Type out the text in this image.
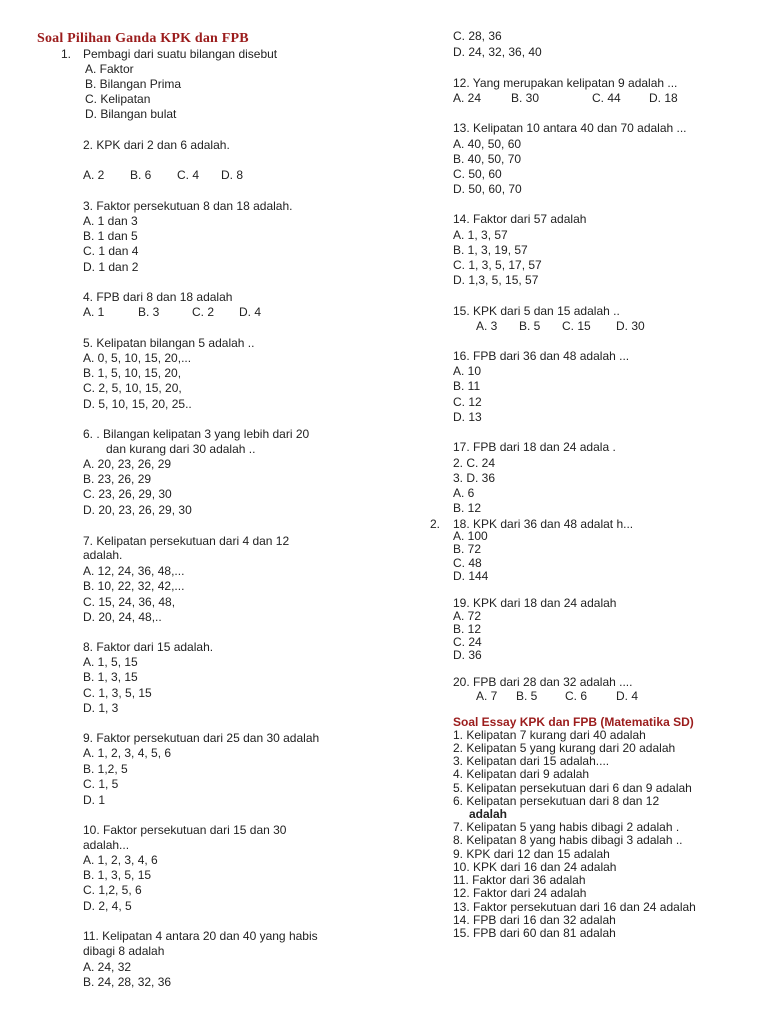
Soal Pilihan Ganda KPK dan FPB
1. Pembagi dari suatu bilangan disebut
A. Faktor
B. Bilangan Prima
C. Kelipatan
D. Bilangan bulat
2. KPK dari 2 dan 6 adalah.
A. 2 B. 6 C. 4 D. 8
3. Faktor persekutuan 8 dan 18 adalah.
A. 1 dan 3
B. 1 dan 5
C. 1 dan 4
D. 1 dan 2
4. FPB dari 8 dan 18 adalah
A. 1	B. 3	C. 2 D. 4
5. Kelipatan bilangan 5 adalah ..
A. 0, 5, 10, 15, 20,...
B. 1, 5, 10, 15, 20,
C. 2, 5, 10, 15, 20,
D. 5, 10, 15, 20, 25..
6. . Bilangan kelipatan 3 yang lebih dari 20
dan kurang dari 30 adalah ..
A. 20, 23, 26, 29
B. 23, 26, 29
C. 23, 26, 29, 30
D. 20, 23, 26, 29, 30
7. Kelipatan persekutuan dari 4 dan 12
adalah.
A. 12, 24, 36, 48,...
B. 10, 22, 32, 42,...
C. 15, 24, 36, 48,
D. 20, 24, 48,..
8. Faktor dari 15 adalah.
A. 1, 5, 15
B. 1, 3, 15
C. 1, 3, 5, 15
D. 1, 3
9. Faktor persekutuan dari 25 dan 30 adalah
A. 1, 2, 3, 4, 5, 6
B. 1,2, 5
C. 1, 5
D. 1
10. Faktor persekutuan dari 15 dan 30
adalah...
A. 1, 2, 3, 4, 6
B. 1, 3, 5, 15
C. 1,2, 5, 6
D. 2, 4, 5
11. Kelipatan 4 antara 20 dan 40 yang habis
dibagi 8 adalah
A. 24, 32
B. 24, 28, 32, 36
C. 28, 36
D. 24, 32, 36, 40
12. Yang merupakan kelipatan 9 adalah ...
A. 24 B. 30	C. 44 D. 18
13. Kelipatan 10 antara 40 dan 70 adalah ...
A. 40, 50, 60
B. 40, 50, 70
C. 50, 60
D. 50, 60, 70
14. Faktor dari 57 adalah
A. 1, 3, 57
B. 1, 3, 19, 57
C. 1, 3, 5, 17, 57
D. 1,3, 5, 15, 57
15. KPK dari 5 dan 15 adalah ..
A. 3 B. 5 C. 15 D. 30
16. FPB dari 36 dan 48 adalah ...
A. 10
B. 11
C. 12
D. 13
17. FPB dari 18 dan 24 adala .
2. C. 24
3. D. 36
A. 6
B. 12
2. 18. KPK dari 36 dan 48 adalat h...
A. 100
B. 72
C. 48
D. 144
19. KPK dari 18 dan 24 adalah
A. 72
B. 12
C. 24
D. 36
20. FPB dari 28 dan 32 adalah ....
A. 7 B. 5 C. 6 D. 4
Soal Essay KPK dan FPB (Matematika SD)
1. Kelipatan 7 kurang dari 40 adalah
2. Kelipatan 5 yang kurang dari 20 adalah
3. Kelipatan dari 15 adalah....
4. Kelipatan dari 9 adalah
5. Kelipatan persekutuan dari 6 dan 9 adalah
6. Kelipatan persekutuan dari 8 dan 12
adalah
7. Kelipatan 5 yang habis dibagi 2 adalah .
8. Kelipatan 8 yang habis dibagi 3 adalah ..
9. KPK dari 12 dan 15 adalah
10. KPK dari 16 dan 24 adalah
11. Faktor dari 36 adalah
12. Faktor dari 24 adalah
13. Faktor persekutuan dari 16 dan 24 adalah
14. FPB dari 16 dan 32 adalah
15. FPB dari 60 dan 81 adalah
